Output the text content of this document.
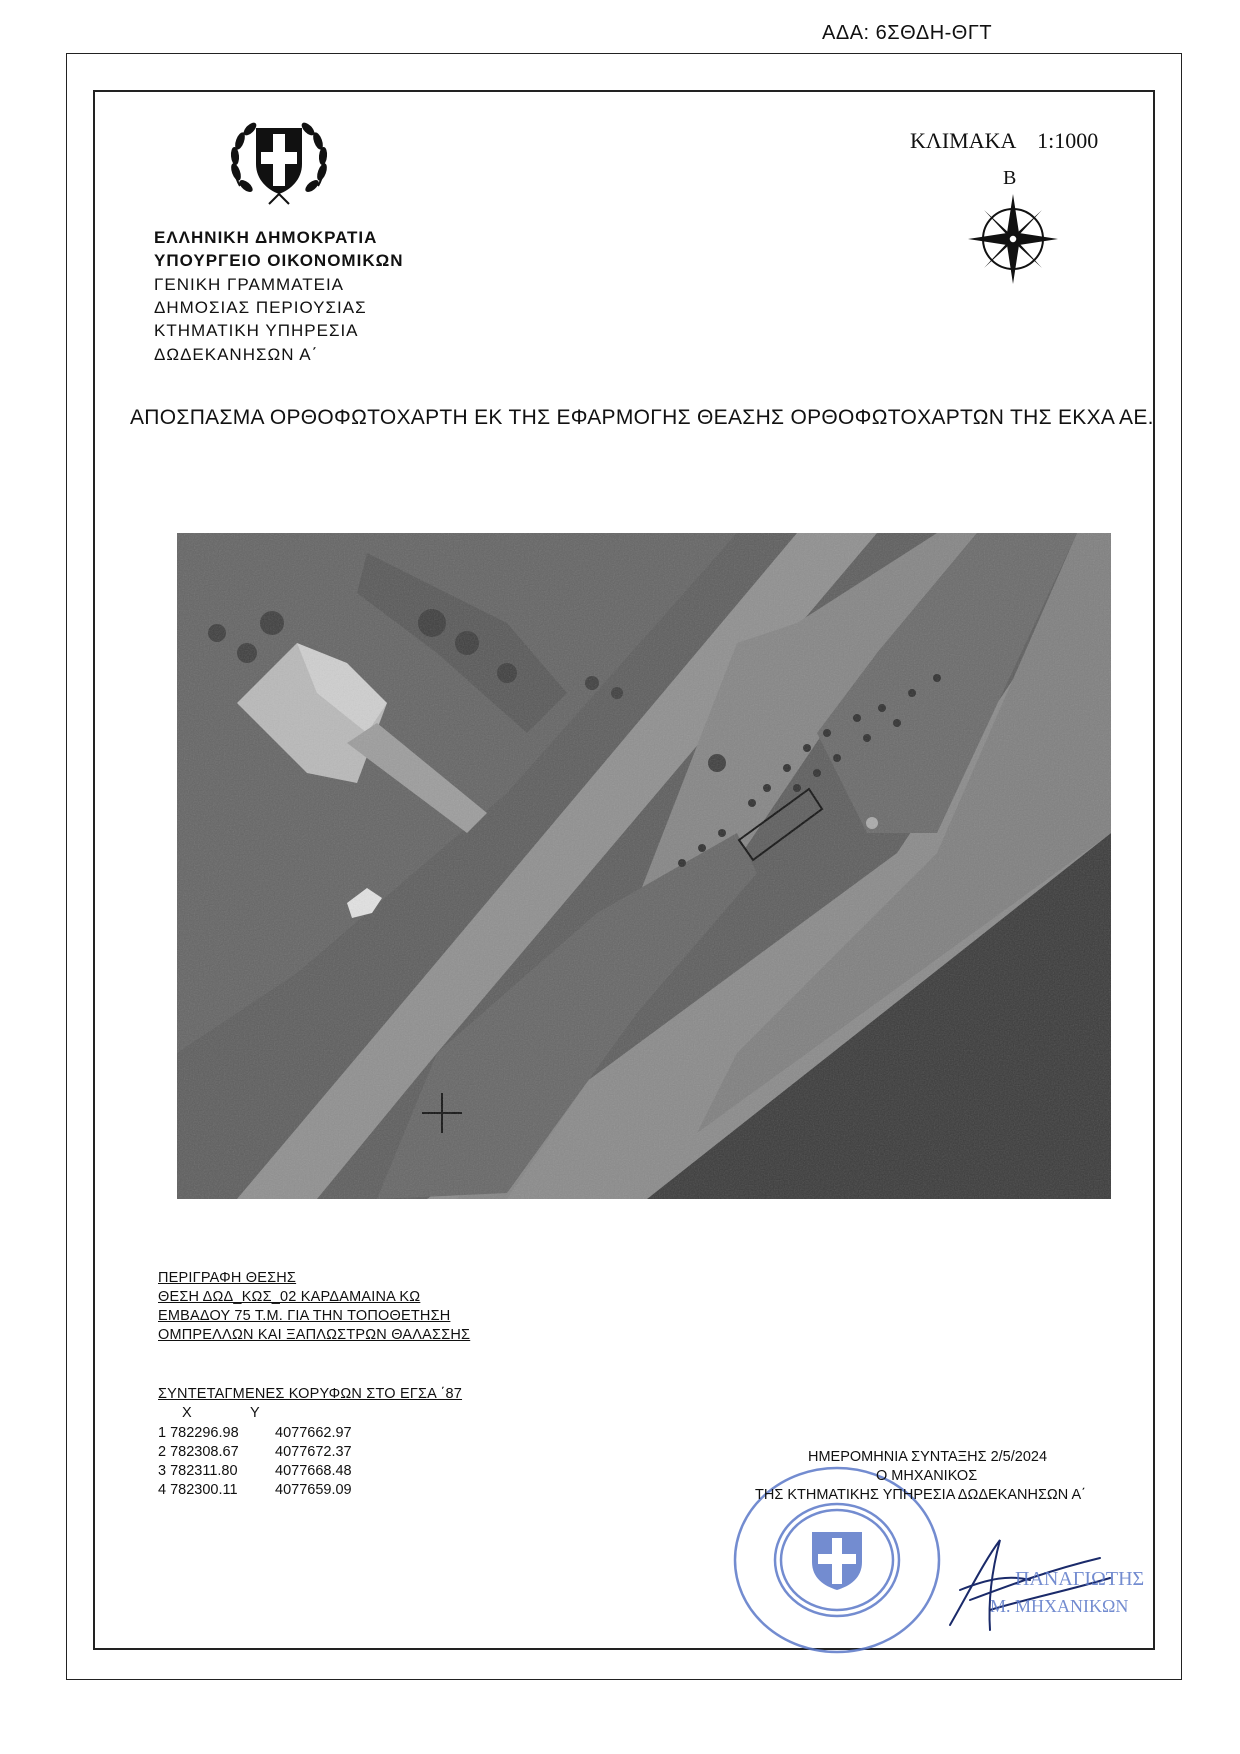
ΑΔΑ: 6ΣΘΔΗ-ΘΓΤ
ΕΛΛΗΝΙΚΗ ΔΗΜΟΚΡΑΤΙΑ
ΥΠΟΥΡΓΕΙΟ ΟΙΚΟΝΟΜΙΚΩΝ
ΓΕΝΙΚΗ ΓΡΑΜΜΑΤΕΙΑ
ΔΗΜΟΣΙΑΣ ΠΕΡΙΟΥΣΙΑΣ
ΚΤΗΜΑΤΙΚΗ ΥΠΗΡΕΣΙΑ
ΔΩΔΕΚΑΝΗΣΩΝ Α΄
ΚΛΙΜΑΚΑ    1:1000
Β
ΑΠΟΣΠΑΣΜΑ ΟΡΘΟΦΩΤΟΧΑΡΤΗ ΕΚ ΤΗΣ ΕΦΑΡΜΟΓΗΣ ΘΕΑΣΗΣ ΟΡΘΟΦΩΤΟΧΑΡΤΩΝ ΤΗΣ ΕΚΧΑ ΑΕ.
ΠΕΡΙΓΡΑΦΗ ΘΕΣΗΣ
ΘΕΣΗ ΔΩΔ_ΚΩΣ_02 ΚΑΡΔΑΜΑΙΝΑ ΚΩ
ΕΜΒΑΔΟΥ 75 Τ.Μ. ΓΙΑ ΤΗΝ ΤΟΠΟΘΕΤΗΣΗ
ΟΜΠΡΕΛΛΩΝ ΚΑΙ ΞΑΠΛΩΣΤΡΩΝ ΘΑΛΑΣΣΗΣ
ΣΥΝΤΕΤΑΓΜΕΝΕΣ ΚΟΡΥΦΩΝ ΣΤΟ ΕΓΣΑ ΄87
X	Y
1 782296.98	4077662.97
2 782308.67	4077672.37
3 782311.80	4077668.48
4 782300.11	4077659.09
ΗΜΕΡΟΜΗΝΙΑ ΣΥΝΤΑΞΗΣ 2/5/2024
Ο ΜΗΧΑΝΙΚΟΣ
ΤΗΣ ΚΤΗΜΑΤΙΚΗΣ ΥΠΗΡΕΣΙΑ ΔΩΔΕΚΑΝΗΣΩΝ Α΄
ΠΑΝΑΓΙΩΤΗΣ
Μ. ΜΗΧΑΝΙΚΩΝ
